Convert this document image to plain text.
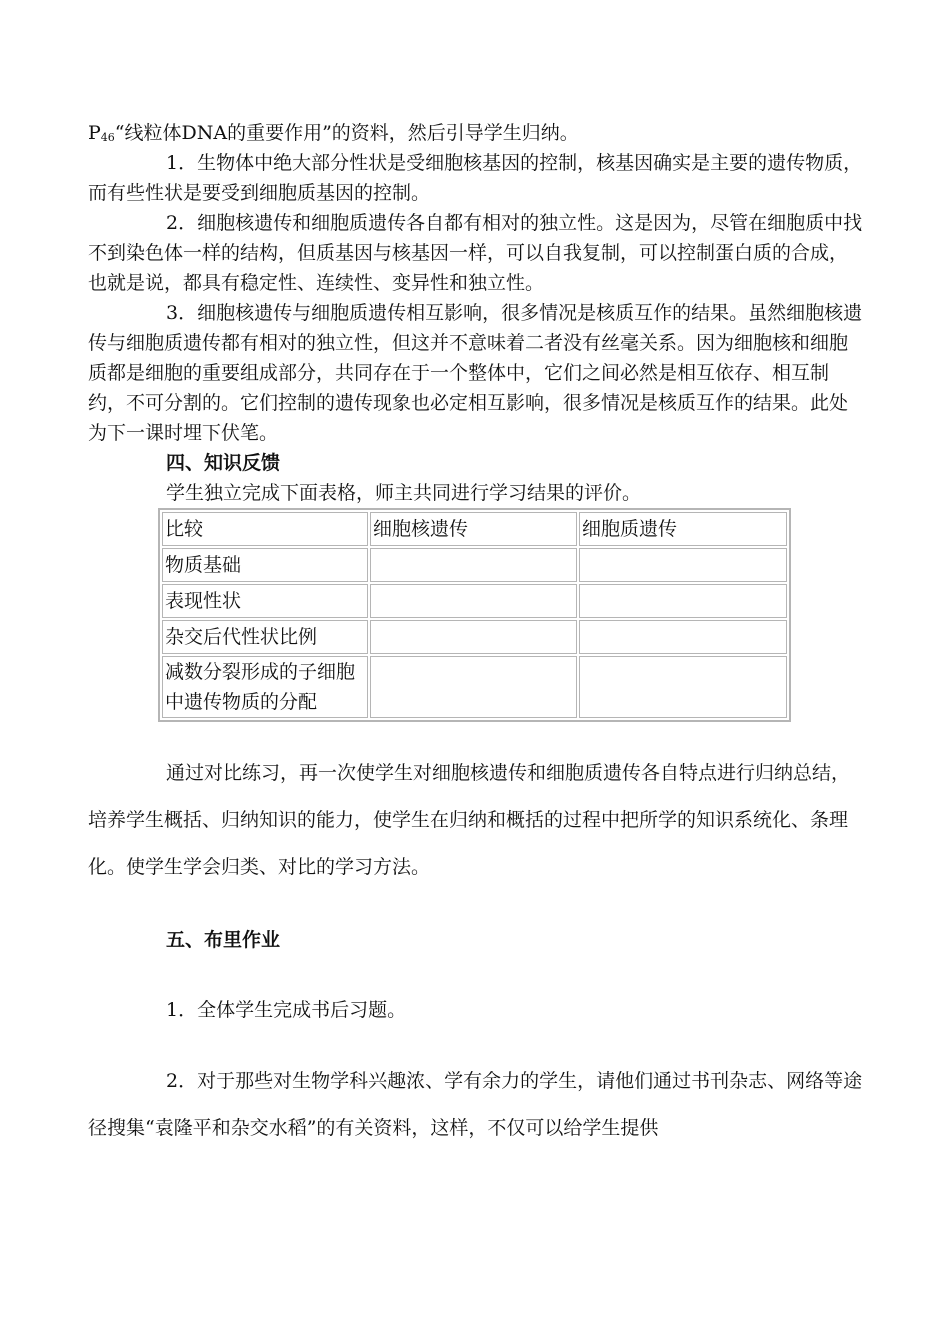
P46“线粒体DNA的重要作用”的资料，然后引导学生归纳。

1．生物体中绝大部分性状是受细胞核基因的控制，核基因确实是主要的遗传物质，而有些性状是要受到细胞质基因的控制。

2．细胞核遗传和细胞质遗传各自都有相对的独立性。这是因为，尽管在细胞质中找不到染色体一样的结构，但质基因与核基因一样，可以自我复制，可以控制蛋白质的合成，也就是说，都具有稳定性、连续性、变异性和独立性。

3．细胞核遗传与细胞质遗传相互影响，很多情况是核质互作的结果。虽然细胞核遗传与细胞质遗传都有相对的独立性，但这并不意味着二者没有丝毫关系。因为细胞核和细胞质都是细胞的重要组成部分，共同存在于一个整体中，它们之间必然是相互依存、相互制约，不可分割的。它们控制的遗传现象也必定相互影响，很多情况是核质互作的结果。此处为下一课时埋下伏笔。

四、知识反馈

学生独立完成下面表格，师主共同进行学习结果的评价。

比较	细胞核遗传	细胞质遗传
物质基础		
表现性状		
杂交后代性状比例		
减数分裂形成的子细胞中遗传物质的分配		

通过对比练习，再一次使学生对细胞核遗传和细胞质遗传各自特点进行归纳总结，培养学生概括、归纳知识的能力，使学生在归纳和概括的过程中把所学的知识系统化、条理化。使学生学会归类、对比的学习方法。

五、布里作业

1．全体学生完成书后习题。

2．对于那些对生物学科兴趣浓、学有余力的学生，请他们通过书刊杂志、网络等途径搜集“袁隆平和杂交水稻”的有关资料，这样，不仅可以给学生提供
